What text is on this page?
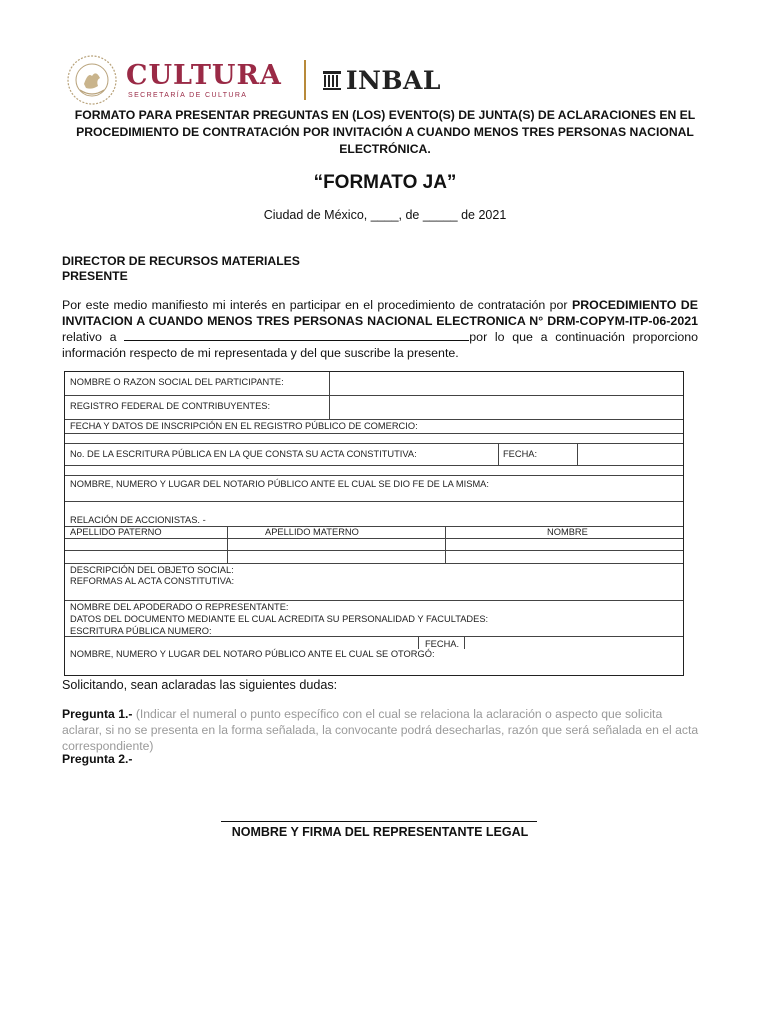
CULTURA
SECRETARÍA DE CULTURA
INBAL
FORMATO PARA PRESENTAR PREGUNTAS EN (LOS) EVENTO(S) DE JUNTA(S) DE ACLARACIONES EN EL PROCEDIMIENTO DE CONTRATACIÓN POR INVITACIÓN A CUANDO MENOS TRES PERSONAS NACIONAL ELECTRÓNICA.
“FORMATO JA”
Ciudad de México, ____, de _____ de 2021
DIRECTOR DE RECURSOS MATERIALES
PRESENTE
Por este medio manifiesto mi interés en participar en el procedimiento de contratación por PROCEDIMIENTO DE INVITACION A CUANDO MENOS TRES PERSONAS NACIONAL ELECTRONICA N° DRM-COPYM-ITP-06-2021 relativo a	por lo que a continuación proporciono información respecto de mi representada y del que suscribe la presente.
NOMBRE O RAZON SOCIAL DEL PARTICIPANTE:
REGISTRO FEDERAL DE CONTRIBUYENTES:
FECHA Y DATOS DE INSCRIPCIÓN EN EL REGISTRO PÚBLICO DE COMERCIO:
No. DE LA ESCRITURA PÚBLICA EN LA QUE CONSTA SU ACTA CONSTITUTIVA:	FECHA:
NOMBRE, NUMERO Y LUGAR DEL NOTARIO PÚBLICO ANTE EL CUAL SE DIO FE DE LA MISMA:
RELACIÓN DE ACCIONISTAS. -
APELLIDO PATERNO	APELLIDO MATERNO	NOMBRE
DESCRIPCIÓN DEL OBJETO SOCIAL:
REFORMAS AL ACTA CONSTITUTIVA:
NOMBRE DEL APODERADO O REPRESENTANTE:
DATOS DEL DOCUMENTO MEDIANTE EL CUAL ACREDITA SU PERSONALIDAD Y FACULTADES:
ESCRITURA PÚBLICA NUMERO:
FECHA.
NOMBRE, NUMERO Y LUGAR DEL NOTARO PÚBLICO ANTE EL CUAL SE OTORGÓ:
Solicitando, sean aclaradas las siguientes dudas:
Pregunta 1.- (Indicar el numeral o punto específico con el cual se relaciona la aclaración o aspecto que solicita aclarar, si no se presenta en la forma señalada, la convocante podrá desecharlas, razón que será señalada en el acta correspondiente)
Pregunta 2.-
NOMBRE Y FIRMA DEL REPRESENTANTE LEGAL
